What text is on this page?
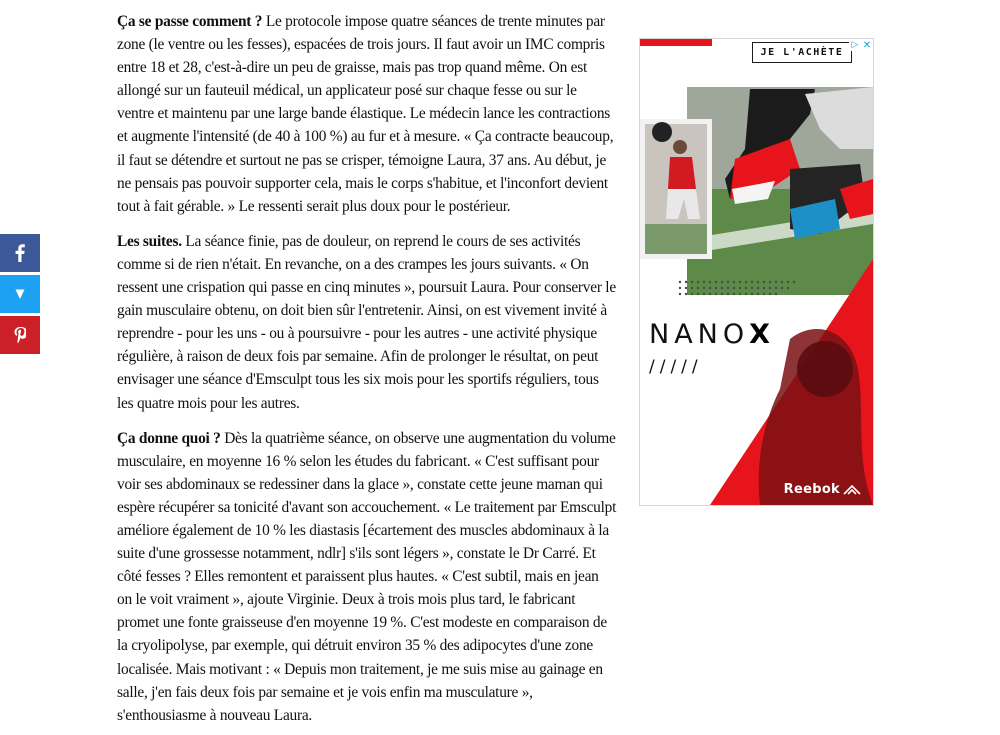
Ça se passe comment ? Le protocole impose quatre séances de trente minutes par zone (le ventre ou les fesses), espacées de trois jours. Il faut avoir un IMC compris entre 18 et 28, c'est-à-dire un peu de graisse, mais pas trop quand même. On est allongé sur un fauteuil médical, un applicateur posé sur chaque fesse ou sur le ventre et maintenu par une large bande élastique. Le médecin lance les contractions et augmente l'intensité (de 40 à 100 %) au fur et à mesure. « Ça contracte beaucoup, il faut se détendre et surtout ne pas se crisper, témoigne Laura, 37 ans. Au début, je ne pensais pas pouvoir supporter cela, mais le corps s'habitue, et l'inconfort devient tout à fait gérable. » Le ressenti serait plus doux pour le postérieur.

Les suites. La séance finie, pas de douleur, on reprend le cours de ses activités comme si de rien n'était. En revanche, on a des crampes les jours suivants. « On ressent une crispation qui passe en cinq minutes », poursuit Laura. Pour conserver le gain musculaire obtenu, on doit bien sûr l'entretenir. Ainsi, on est vivement invité à reprendre - pour les uns - ou à poursuivre - pour les autres - une activité physique régulière, à raison de deux fois par semaine. Afin de prolonger le résultat, on peut envisager une séance d'Emsculpt tous les six mois pour les sportifs réguliers, tous les quatre mois pour les autres.

Ça donne quoi ? Dès la quatrième séance, on observe une augmentation du volume musculaire, en moyenne 16 % selon les études du fabricant. « C'est suffisant pour voir ses abdominaux se redessiner dans la glace », constate cette jeune maman qui espère récupérer sa tonicité d'avant son accouchement. « Le traitement par Emsculpt améliore également de 10 % les diastasis [écartement des muscles abdominaux à la suite d'une grossesse notamment, ndlr] s'ils sont légers », constate le Dr Carré. Et côté fesses ? Elles remontent et paraissent plus hautes. « C'est subtil, mais en jean on le voit vraiment », ajoute Virginie. Deux à trois mois plus tard, le fabricant promet une fonte graisseuse d'en moyenne 19 %. C'est modeste en comparaison de la cryolipolyse, par exemple, qui détruit environ 35 % des adipocytes d'une zone localisée. Mais motivant : « Depuis mon traitement, je me suis mise au gainage en salle, j'en fais deux fois par semaine et je vois enfin ma musculature », s'enthousiasme à nouveau Laura.

▷ ✕
JE L'ACHÈTE
NANOX
/////
Reebok
